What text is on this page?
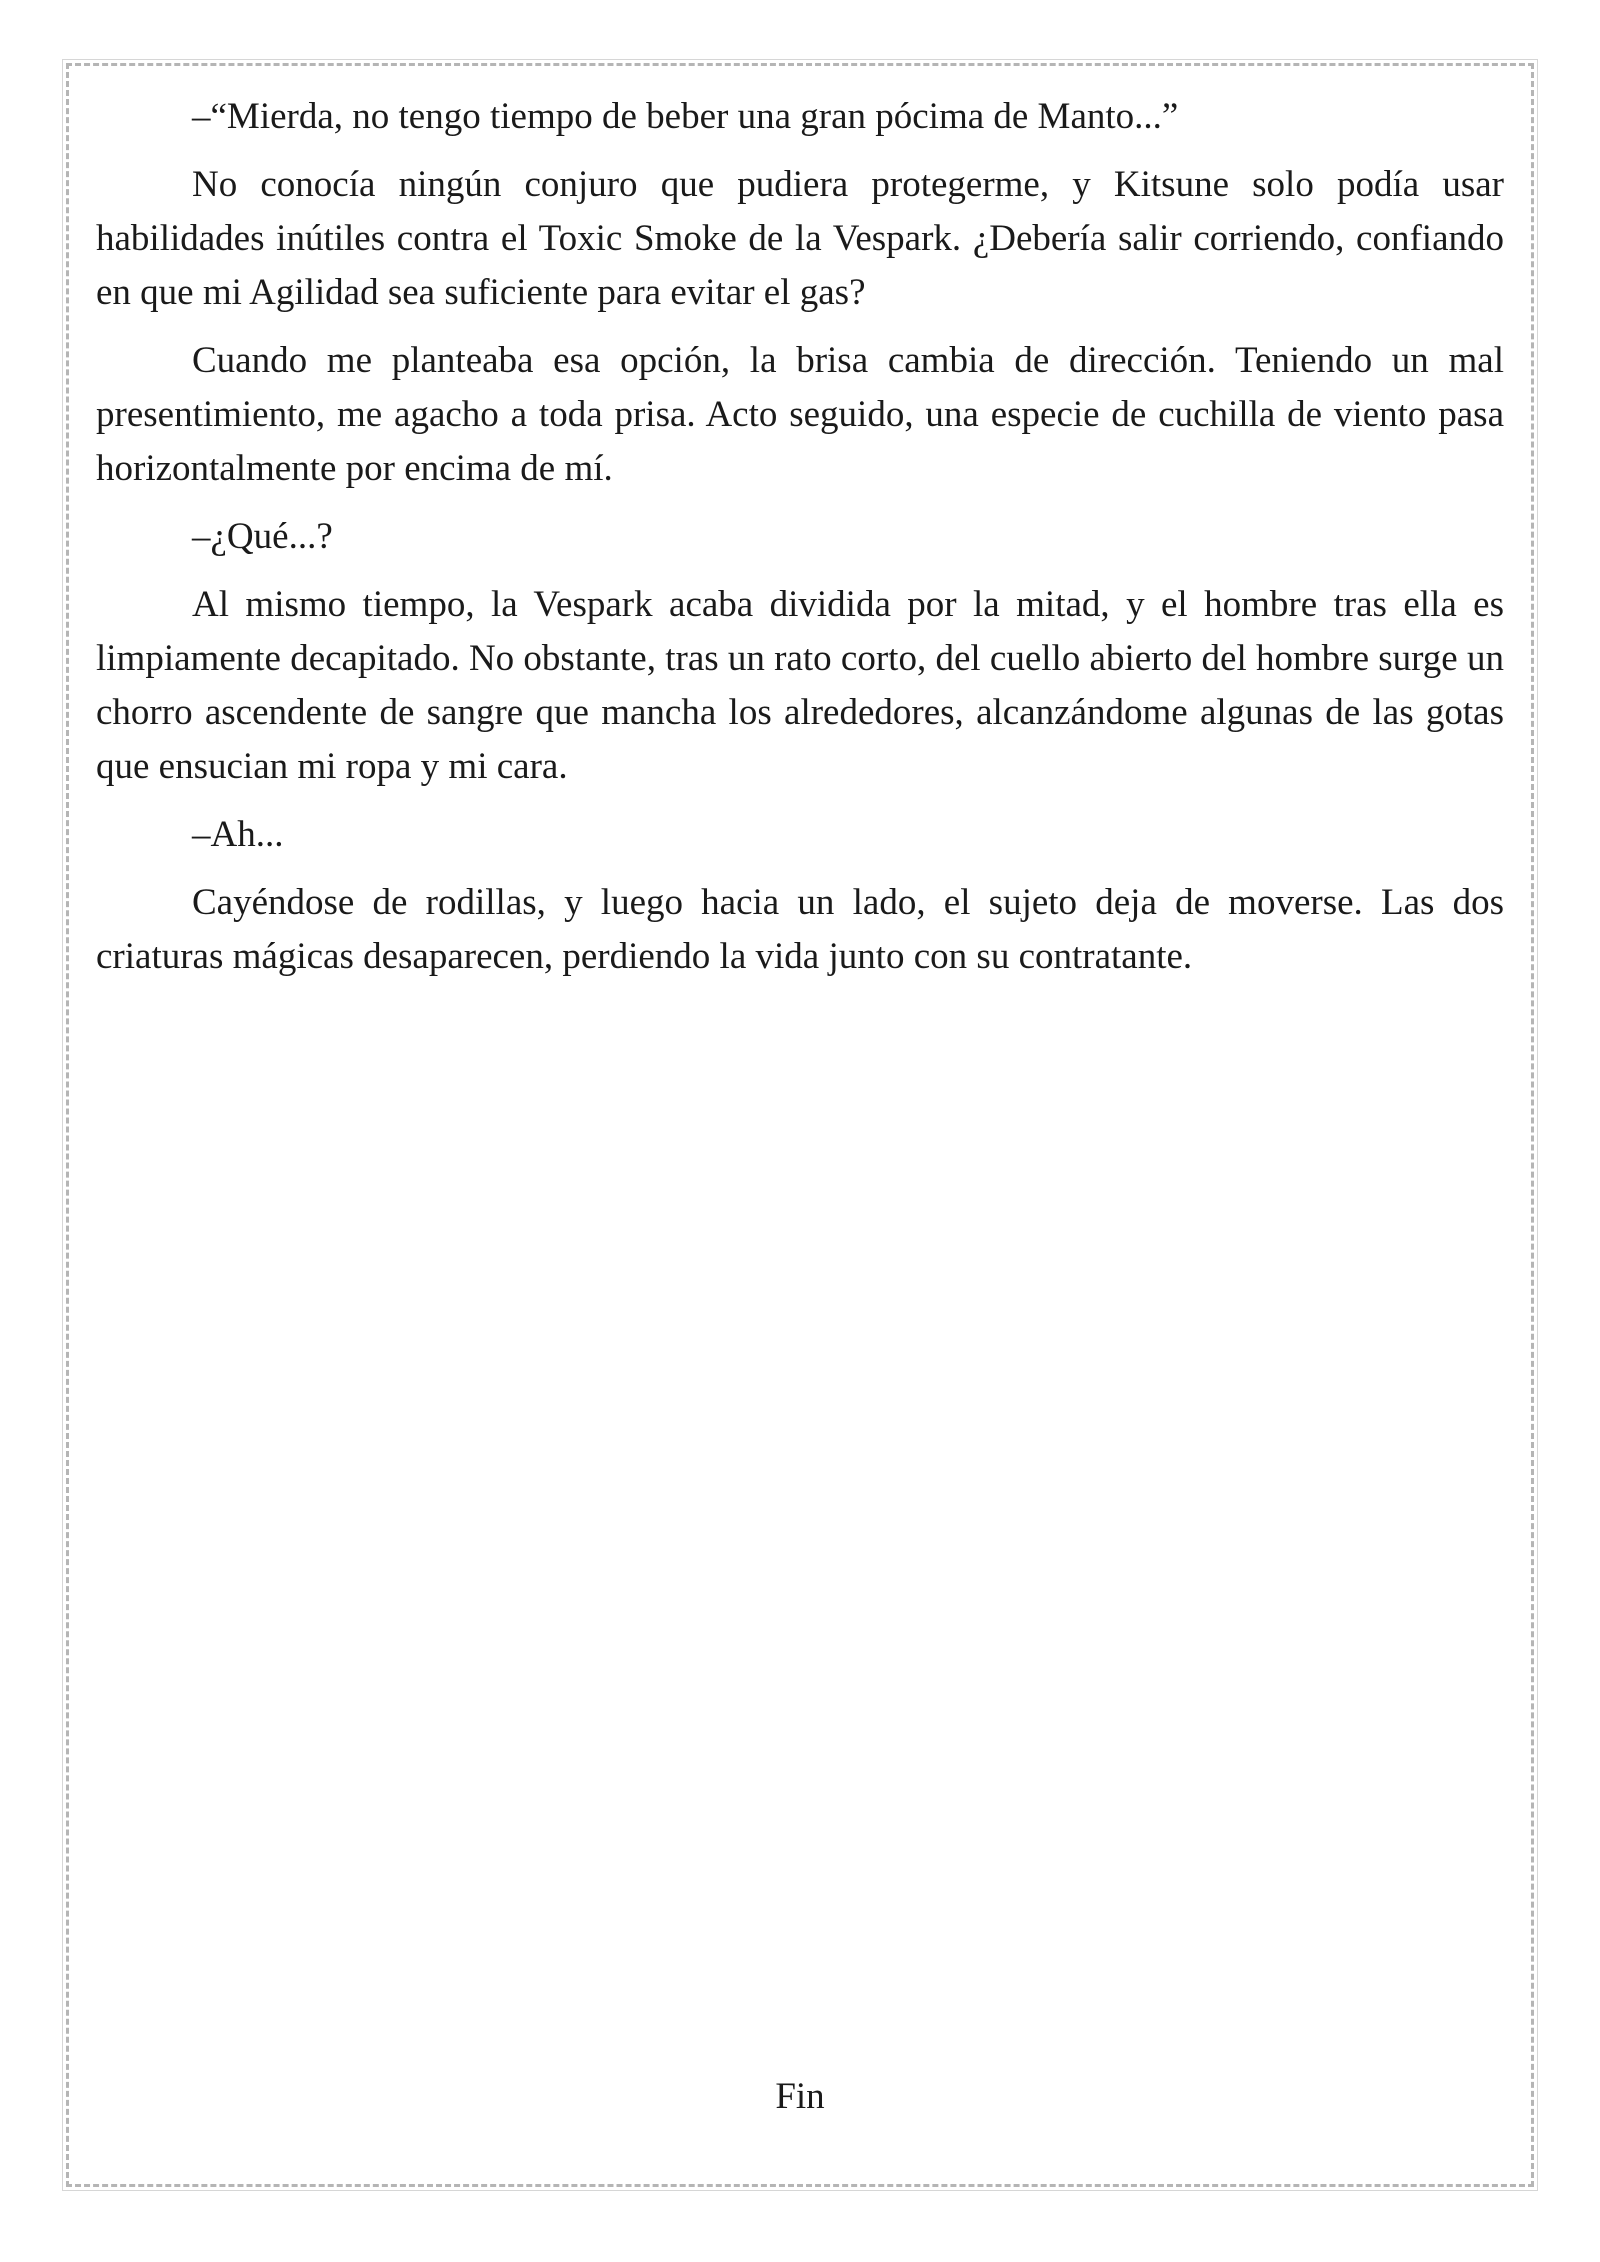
–“Mierda, no tengo tiempo de beber una gran pócima de Manto...”

No conocía ningún conjuro que pudiera protegerme, y Kitsune solo podía usar habilidades inútiles contra el Toxic Smoke de la Vespark. ¿Debería salir corriendo, confiando en que mi Agilidad sea suficiente para evitar el gas?

Cuando me planteaba esa opción, la brisa cambia de dirección. Teniendo un mal presentimiento, me agacho a toda prisa. Acto seguido, una especie de cuchilla de viento pasa horizontalmente por encima de mí.

–¿Qué...?

Al mismo tiempo, la Vespark acaba dividida por la mitad, y el hombre tras ella es limpiamente decapitado. No obstante, tras un rato corto, del cuello abierto del hombre surge un chorro ascendente de sangre que mancha los alrededores, alcanzándome algunas de las gotas que ensucian mi ropa y mi cara.

–Ah...

Cayéndose de rodillas, y luego hacia un lado, el sujeto deja de moverse. Las dos criaturas mágicas desaparecen, perdiendo la vida junto con su contratante.

Fin
